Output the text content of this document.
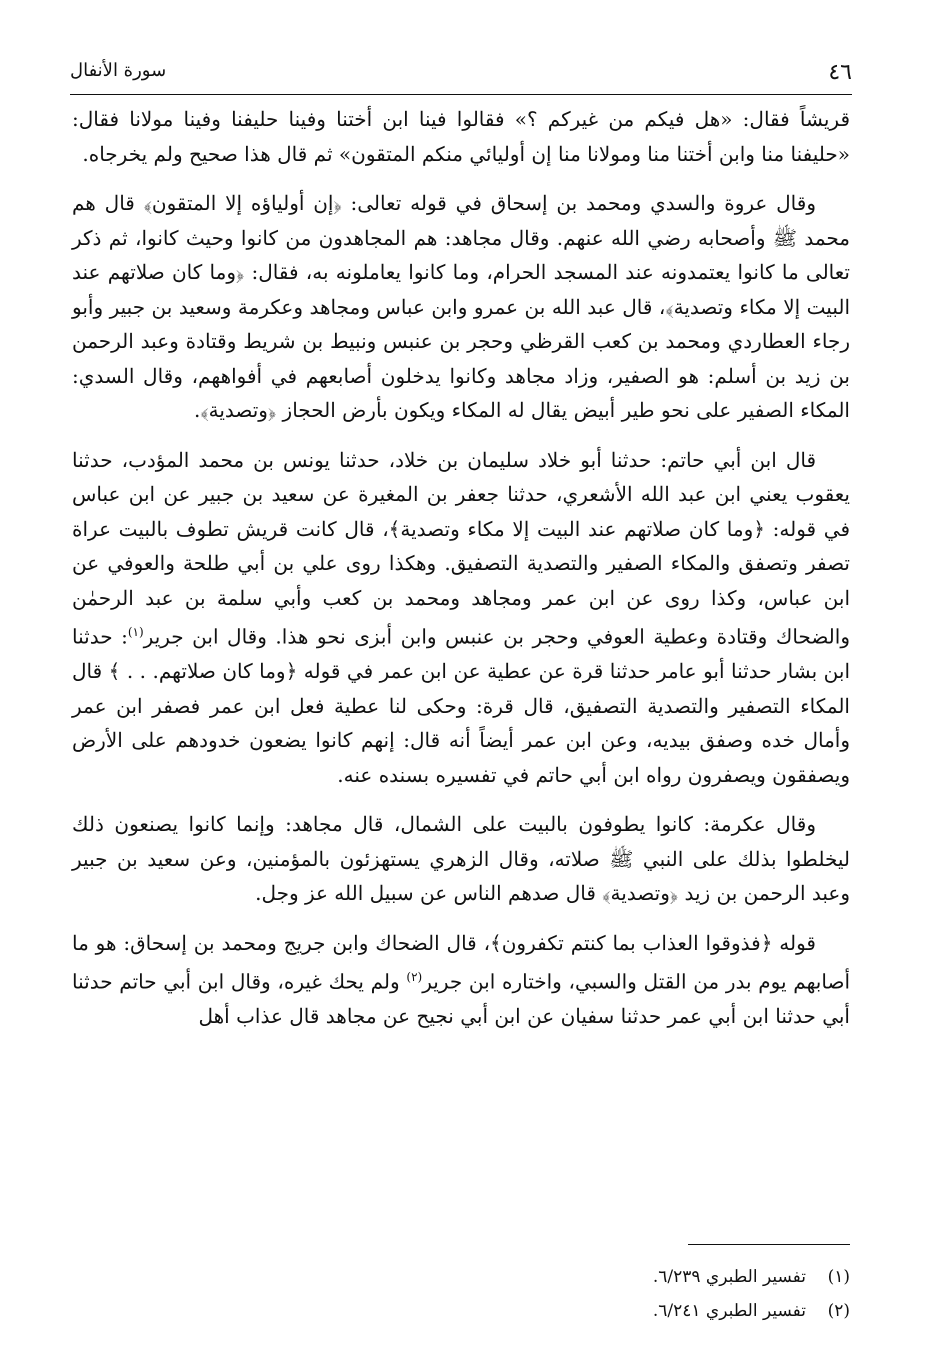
٤٦
سورة الأنفال

قريشاً فقال: «هل فيكم من غيركم ؟» فقالوا فينا ابن أختنا وفينا حليفنا وفينا مولانا فقال: «حليفنا منا وابن أختنا منا ومولانا منا إن أوليائي منكم المتقون» ثم قال هذا صحيح ولم يخرجاه.

وقال عروة والسدي ومحمد بن إسحاق في قوله تعالى: ﴿إن أولياؤه إلا المتقون﴾ قال هم محمد ﷺ وأصحابه رضي الله عنهم. وقال مجاهد: هم المجاهدون من كانوا وحيث كانوا، ثم ذكر تعالى ما كانوا يعتمدونه عند المسجد الحرام، وما كانوا يعاملونه به، فقال: ﴿وما كان صلاتهم عند البيت إلا مكاء وتصدية﴾، قال عبد الله بن عمرو وابن عباس ومجاهد وعكرمة وسعيد بن جبير وأبو رجاء العطاردي ومحمد بن كعب القرظي وحجر بن عنبس ونبيط بن شريط وقتادة وعبد الرحمن بن زيد بن أسلم: هو الصفير، وزاد مجاهد وكانوا يدخلون أصابعهم في أفواههم، وقال السدي: المكاء الصفير على نحو طير أبيض يقال له المكاء ويكون بأرض الحجاز ﴿وتصدية﴾.

قال ابن أبي حاتم: حدثنا أبو خلاد سليمان بن خلاد، حدثنا يونس بن محمد المؤدب، حدثنا يعقوب يعني ابن عبد الله الأشعري، حدثنا جعفر بن المغيرة عن سعيد بن جبير عن ابن عباس في قوله: ﴿وما كان صلاتهم عند البيت إلا مكاء وتصدية﴾، قال كانت قريش تطوف بالبيت عراة تصفر وتصفق والمكاء الصفير والتصدية التصفيق. وهكذا روى علي بن أبي طلحة والعوفي عن ابن عباس، وكذا روى عن ابن عمر ومجاهد ومحمد بن كعب وأبي سلمة بن عبد الرحمٰن والضحاك وقتادة وعطية العوفي وحجر بن عنبس وابن أبزى نحو هذا. وقال ابن جرير$^{(١)}$: حدثنا ابن بشار حدثنا أبو عامر حدثنا قرة عن عطية عن ابن عمر في قوله ﴿وما كان صلاتهم. . . ﴾ قال المكاء التصفير والتصدية التصفيق، قال قرة: وحكى لنا عطية فعل ابن عمر فصفر ابن عمر وأمال خده وصفق بيديه، وعن ابن عمر أيضاً أنه قال: إنهم كانوا يضعون خدودهم على الأرض ويصفقون ويصفرون رواه ابن أبي حاتم في تفسيره بسنده عنه.

وقال عكرمة: كانوا يطوفون بالبيت على الشمال، قال مجاهد: وإنما كانوا يصنعون ذلك ليخلطوا بذلك على النبي ﷺ صلاته، وقال الزهري يستهزئون بالمؤمنين، وعن سعيد بن جبير وعبد الرحمن بن زيد ﴿وتصدية﴾ قال صدهم الناس عن سبيل الله عز وجل.

قوله ﴿فذوقوا العذاب بما كنتم تكفرون﴾، قال الضحاك وابن جريج ومحمد بن إسحاق: هو ما أصابهم يوم بدر من القتل والسبي، واختاره ابن جرير$^{(٢)}$ ولم يحك غيره، وقال ابن أبي حاتم حدثنا أبي حدثنا ابن أبي عمر حدثنا سفيان عن ابن أبي نجيح عن مجاهد قال عذاب أهل

(١)تفسير الطبري ٦/٢٣٩.

(٢)تفسير الطبري ٦/٢٤١.
